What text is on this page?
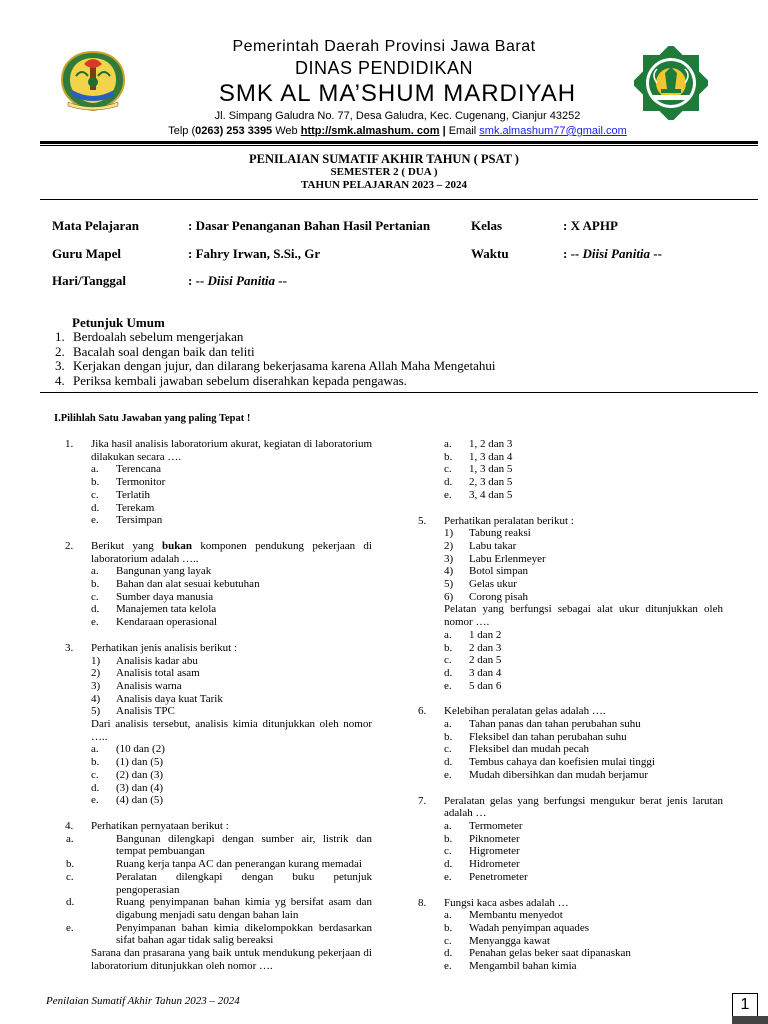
Pemerintah Daerah Provinsi Jawa Barat
DINAS PENDIDIKAN
SMK AL MA’SHUM MARDIYAH
Jl. Simpang Galudra No. 77, Desa Galudra, Kec. Cugenang, Cianjur 43252
Telp (0263) 253 3395 Web http://smk.almashum. com | Email smk.almashum77@gmail.com
PENILAIAN SUMATIF AKHIR TAHUN ( PSAT )
SEMESTER 2 ( DUA )
TAHUN PELAJARAN 2023 – 2024
Mata Pelajaran	: Dasar Penanganan Bahan Hasil Pertanian	Kelas	: X APHP
Guru Mapel	: Fahry Irwan, S.Si., Gr	Waktu	: -- Diisi Panitia --
Hari/Tanggal	: -- Diisi Panitia --
Petunjuk Umum
1. Berdoalah sebelum mengerjakan
2. Bacalah soal dengan baik dan teliti
3. Kerjakan dengan jujur, dan dilarang bekerjasama karena Allah Maha Mengetahui
4. Periksa kembali jawaban sebelum diserahkan kepada pengawas.
I.Pilihlah Satu Jawaban yang paling Tepat !
1. Jika hasil analisis laboratorium akurat, kegiatan di laboratorium dilakukan secara ….
a. Terencana
b. Termonitor
c. Terlatih
d. Terekam
e. Tersimpan
2. Berikut yang bukan komponen pendukung pekerjaan di laboratorium adalah …..
a. Bangunan yang layak
b. Bahan dan alat sesuai kebutuhan
c. Sumber daya manusia
d. Manajemen tata kelola
e. Kendaraan operasional
3. Perhatikan jenis analisis berikut :
1) Analisis kadar abu
2) Analisis total asam
3) Analisis warna
4) Analisis daya kuat Tarik
5) Analisis TPC
Dari analisis tersebut, analisis kimia ditunjukkan oleh nomor …..
a. (10 dan (2)
b. (1) dan (5)
c. (2) dan (3)
d. (3) dan (4)
e. (4) dan (5)
4. Perhatikan pernyataan berikut :
a.	Bangunan dilengkapi dengan sumber air, listrik dan tempat pembuangan
b.	Ruang kerja tanpa AC dan penerangan kurang memadai
c.	Peralatan dilengkapi dengan buku petunjuk pengoperasian
d.	Ruang penyimpanan bahan kimia yg bersifat asam dan digabung menjadi satu dengan bahan lain
e.	Penyimpanan bahan kimia dikelompokkan berdasarkan sifat bahan agar tidak salig bereaksi
Sarana dan prasarana yang baik untuk mendukung pekerjaan di laboratorium ditunjukkan oleh nomor ….
a. 1, 2 dan 3
b. 1, 3 dan 4
c. 1, 3 dan 5
d. 2, 3 dan 5
e. 3, 4 dan 5
5. Perhatikan peralatan berikut :
1) Tabung reaksi
2) Labu takar
3) Labu Erlenmeyer
4) Botol simpan
5) Gelas ukur
6) Corong pisah
Pelatan yang berfungsi sebagai alat ukur ditunjukkan oleh nomor ….
a. 1 dan 2
b. 2 dan 3
c. 2 dan 5
d. 3 dan 4
e. 5 dan 6
6. Kelebihan peralatan gelas adalah ….
a. Tahan panas dan tahan perubahan suhu
b. Fleksibel dan tahan perubahan suhu
c. Fleksibel dan mudah pecah
d. Tembus cahaya dan koefisien mulai tinggi
e. Mudah dibersihkan dan mudah berjamur
7. Peralatan gelas yang berfungsi mengukur berat jenis larutan adalah …
a. Termometer
b. Piknometer
c. Higrometer
d. Hidrometer
e. Penetrometer
8. Fungsi kaca asbes adalah …
a. Membantu menyedot
b. Wadah penyimpan aquades
c. Menyangga kawat
d. Penahan gelas beker saat dipanaskan
e. Mengambil bahan kimia
Penilaian Sumatif Akhir Tahun 2023 – 2024	1
